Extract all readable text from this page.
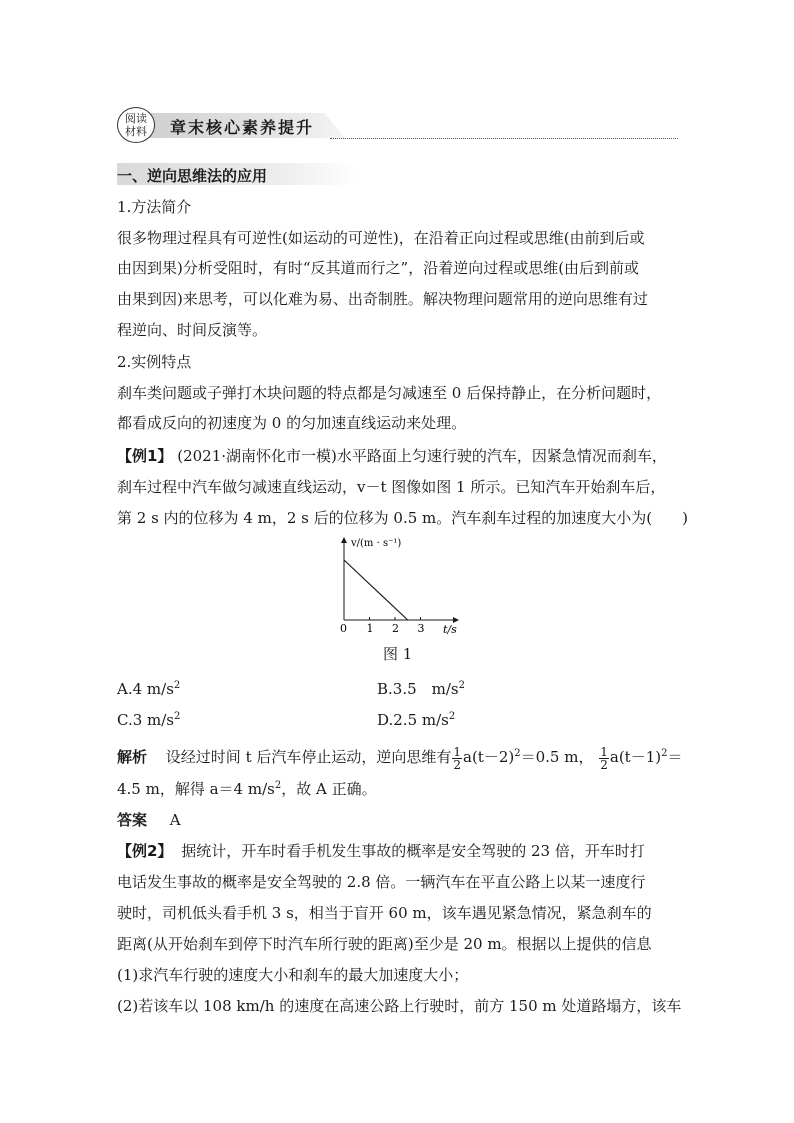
阅读
材料 章末核心素养提升
一、逆向思维法的应用
1.方法简介
很多物理过程具有可逆性(如运动的可逆性)，在沿着正向过程或思维(由前到后或
由因到果)分析受阻时，有时“反其道而行之”，沿着逆向过程或思维(由后到前或
由果到因)来思考，可以化难为易、出奇制胜。解决物理问题常用的逆向思维有过
程逆向、时间反演等。
2.实例特点
刹车类问题或子弹打木块问题的特点都是匀减速至 0 后保持静止，在分析问题时，
都看成反向的初速度为 0 的匀加速直线运动来处理。
【例1】 (2021·湖南怀化市一模)水平路面上匀速行驶的汽车，因紧急情况而刹车，
刹车过程中汽车做匀减速直线运动，v－t 图像如图 1 所示。已知汽车开始刹车后，
第 2 s 内的位移为 4 m，2 s 后的位移为 0.5 m。汽车刹车过程的加速度大小为(　　)
v/(m · s⁻¹)
t/s
0 1 2 3
图 1
A.4 $m/s^2$	B.3.5　$m/s^2$
C.3 $m/s^2$	D.2.5 $m/s^2$
解析 设经过时间 t 后汽车停止运动，逆向思维有 $\frac{1}{2} a(t-2)^2=0.5$ m， $\frac{1}{2} a(t-1)^2=$
4.5 m，解得 a＝4 $m/s^2$，故 A 正确。
答案 A
【例2】 据统计，开车时看手机发生事故的概率是安全驾驶的 23 倍，开车时打
电话发生事故的概率是安全驾驶的 2.8 倍。一辆汽车在平直公路上以某一速度行
驶时，司机低头看手机 3 s，相当于盲开 60 m，该车遇见紧急情况，紧急刹车的
距离(从开始刹车到停下时汽车所行驶的距离)至少是 20 m。根据以上提供的信息
(1)求汽车行驶的速度大小和刹车的最大加速度大小；
(2)若该车以 108 km/h 的速度在高速公路上行驶时，前方 150 m 处道路塌方，该车
